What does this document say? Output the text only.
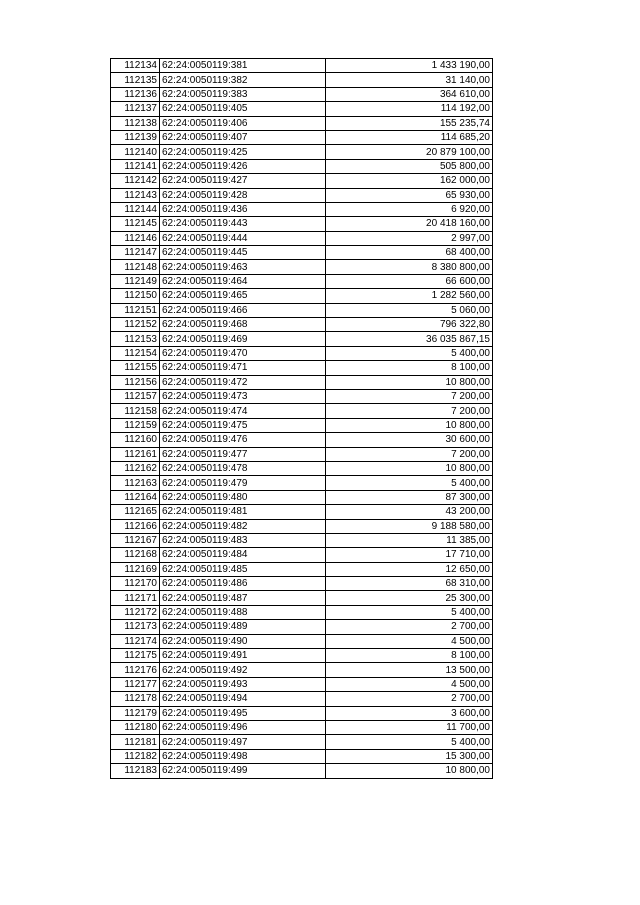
112134	62:24:0050119:381	1 433 190,00
112135	62:24:0050119:382	31 140,00
112136	62:24:0050119:383	364 610,00
112137	62:24:0050119:405	114 192,00
112138	62:24:0050119:406	155 235,74
112139	62:24:0050119:407	114 685,20
112140	62:24:0050119:425	20 879 100,00
112141	62:24:0050119:426	505 800,00
112142	62:24:0050119:427	162 000,00
112143	62:24:0050119:428	65 930,00
112144	62:24:0050119:436	6 920,00
112145	62:24:0050119:443	20 418 160,00
112146	62:24:0050119:444	2 997,00
112147	62:24:0050119:445	68 400,00
112148	62:24:0050119:463	8 380 800,00
112149	62:24:0050119:464	66 600,00
112150	62:24:0050119:465	1 282 560,00
112151	62:24:0050119:466	5 060,00
112152	62:24:0050119:468	796 322,80
112153	62:24:0050119:469	36 035 867,15
112154	62:24:0050119:470	5 400,00
112155	62:24:0050119:471	8 100,00
112156	62:24:0050119:472	10 800,00
112157	62:24:0050119:473	7 200,00
112158	62:24:0050119:474	7 200,00
112159	62:24:0050119:475	10 800,00
112160	62:24:0050119:476	30 600,00
112161	62:24:0050119:477	7 200,00
112162	62:24:0050119:478	10 800,00
112163	62:24:0050119:479	5 400,00
112164	62:24:0050119:480	87 300,00
112165	62:24:0050119:481	43 200,00
112166	62:24:0050119:482	9 188 580,00
112167	62:24:0050119:483	11 385,00
112168	62:24:0050119:484	17 710,00
112169	62:24:0050119:485	12 650,00
112170	62:24:0050119:486	68 310,00
112171	62:24:0050119:487	25 300,00
112172	62:24:0050119:488	5 400,00
112173	62:24:0050119:489	2 700,00
112174	62:24:0050119:490	4 500,00
112175	62:24:0050119:491	8 100,00
112176	62:24:0050119:492	13 500,00
112177	62:24:0050119:493	4 500,00
112178	62:24:0050119:494	2 700,00
112179	62:24:0050119:495	3 600,00
112180	62:24:0050119:496	11 700,00
112181	62:24:0050119:497	5 400,00
112182	62:24:0050119:498	15 300,00
112183	62:24:0050119:499	10 800,00
